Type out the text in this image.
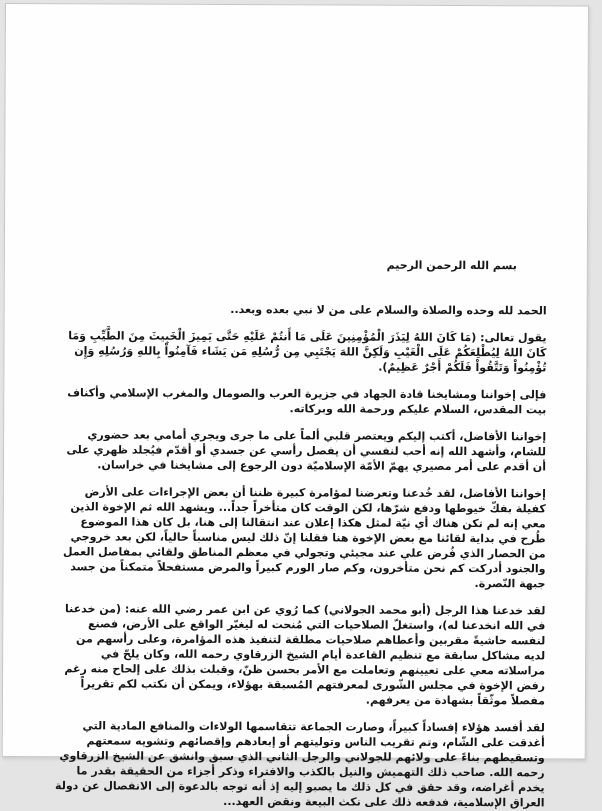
بسم الله الرحمن الرحيم

الحمد لله وحده والصلاة والسلام على من لا نبي بعده وبعد..

يقول تعالى: (مَا كَانَ اللهُ لِيَذَرَ الْمُؤْمِنِينَ عَلَى مَا أَنتُمْ عَلَيْهِ حَتَّى يَمِيزَ الْخَبِيثَ مِنَ الطَّيِّبِ وَمَا كَانَ اللهُ لِيُطْلِعَكُمْ عَلَى الْغَيْبِ وَلَكِنَّ اللهَ يَجْتَبِي مِن رُّسُلِهِ مَن يَشَاء فَآمِنُواْ بِاللهِ وَرُسُلِهِ وَإِن تُؤْمِنُواْ وَتَتَّقُواْ فَلَكُمْ أَجْرٌ عَظِيمٌ).

فإلى إخواننا ومشايخنا قادة الجهاد في جزيرة العرب والصومال والمغرب الإسلامي وأكناف بيت المقدس، السلام عليكم ورحمة الله وبركاته.

إخواننا الأفاضل، أكتب إليكم ويعتصر قلبي ألماً على ما جرى ويجري أمامي بعد حضوري للشام، وأشهد الله إنه أحب لنفسي أن يفصل رأسي عن جسدي أو أقدّم فيُجلد ظهري على أن أقدم على أمر مصيري يهمّ الأمّة الإسلاميّة دون الرجوع إلى مشايخنا في خراسان.

إخواننا الأفاضل، لقد خُدعنا وتعرضنا لمؤامرة كبيرة ظننا أن بعض الإجراءات على الأرض كفيلة بفكّ خيوطها ودفع شرّها، لكن الوقت كان متأخراً جداً... ويشهد الله ثم الإخوة الذين معي إنه لم تكن هناك أي نيّة لمثل هكذا إعلان عند انتقالنا إلى هنا، بل كان هذا الموضوع طُرح في بداية لقائنا مع بعض الإخوة هنا فقلنا إنّ ذلك ليس مناسباً حالياً، لكن بعد خروجي من الحصار الذي فُرض علي عند مجيئي وتجولي في معظم المناطق ولقائي بمفاصل العمل والجنود أدركت كم نحن متأخرون، وكم صار الورم كبيراً والمرض مستفحلاً متمكناً من جسد جبهة النّصرة.

لقد خدعنا هذا الرجل (أبو محمد الجولاني) كما رُوي عن ابن عمر رضي الله عنه: (من خدعنا في الله انخدعنا له)، واستغلّ الصلاحيات التي مُنحت له ليغيّر الواقع على الأرض، فصنع لنفسه حاشيةً مقربين وأعطاهم صلاحيات مطلقة لتنفيذ هذه المؤامرة، وعلى رأسهم من لديه مشاكل سابقة مع تنظيم القاعدة أيام الشيخ الزرقاوي رحمه الله، وكان يلحّ في مراسلاته معي على تعيينهم وتعاملت مع الأمر بحسن ظنّ، وقبلت بذلك على إلحاح منه رغم رفض الإخوة في مجلس الشّورى لمعرفتهم المُسبقة بهؤلاء، ويمكن أن نكتب لكم تقريراً مفصلاً موثّقاً بشهادة من يعرفهم.

لقد أفسد هؤلاء إفساداً كبيراً، وصارت الجماعة تتقاسمها الولاءات والمنافع المادية التي أغدقت على الشّام، وتم تقريب الناس وتوليتهم أو إبعادهم وإقصائهم وتشويه سمعتهم وتسقيطهم بناءً على ولائهم للجولاني والرجل الثاني الذي سبق وانشق عن الشيخ الزرقاوي رحمه الله. صاحب ذلك التهميش والنيل بالكذب والافتراء وذكر أجزاء من الحقيقة بقدر ما يخدم أغراضه، وقد حقق في كل ذلك ما يصبو إليه إذ أنه توجه بالدعوة إلى الانفصال عن دولة العراق الإسلامية، فدفعه ذلك على نكث البيعة ونقض العهد...
